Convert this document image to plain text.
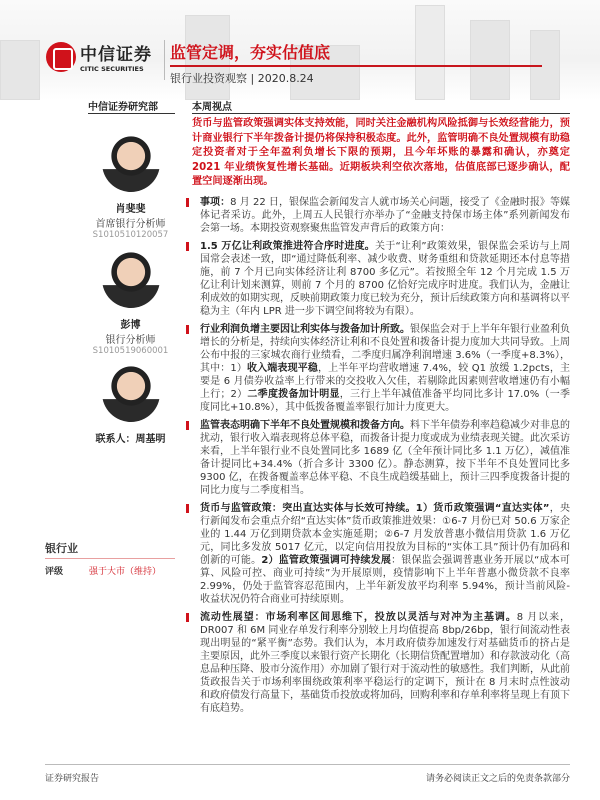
中信证券
CITIC SECURITIES
监管定调，夯实估值底
银行业投资观察 | 2020.8.24
中信证券研究部	本周视点
肖斐斐
首席银行分析师
S1010510120057
彭博
银行分析师
S1010519060001
联系人：周基明
银行业
评级	强于大市（维持）
货币与监管政策强调实体支持效能，同时关注金融机构风险抵御与长效经营能力，预计商业银行下半年拨备计提仍将保持积极态度。此外，监管明确不良处置规模有助稳定投资者对于全年盈利负增长下限的预期，且今年坏账的暴露和确认，亦奠定 2021 年业绩恢复性增长基础。近期板块利空依次落地，估值底部已逐步确认，配置空间逐渐出现。
事项：8 月 22 日，银保监会新闻发言人就市场关心问题，接受了《金融时报》等媒体记者采访。此外，上周五人民银行亦举办了“金融支持保市场主体”系列新闻发布会第一场。本期投资观察聚焦监管发声背后的政策方向：
1.5 万亿让利政策推进符合序时进度。关于“让利”政策效果，银保监会采访与上周国常会表述一致，即“通过降低利率、减少收费、财务重组和贷款延期还本付息等措施，前 7 个月已向实体经济让利 8700 多亿元”。若按照全年 12 个月完成 1.5 万亿让利计划来测算，则前 7 个月的 8700 亿恰好完成序时进度。我们认为，金融让利成效的如期实现，反映前期政策力度已较为充分，预计后续政策方向和基调将以平稳为主（年内 LPR 进一步下调空间将较为有限）。
行业利润负增主要因让利实体与拨备加计所致。银保监会对于上半年年银行业盈利负增长的分析是，持续向实体经济让利和不良处置和拨备计提力度加大共同导致。上周公布中报的三家城农商行业绩看，二季度归属净利润增速 3.6%（一季度+8.3%），其中：1）收入端表现平稳，上半年平均营收增速 7.4%，较 Q1 放缓 1.2pcts，主要是 6 月债券收益率上行带来的交投收入欠佳，若剔除此因素则营收增速仍有小幅上行；2）二季度拨备加计明显，三行上半年减值准备平均同比多计 17.0%（一季度同比+10.8%），其中低拨备覆盖率银行加计力度更大。
监管表态明确下半年不良处置规模和拨备方向。料下半年债券利率趋稳减少对非息的扰动，银行收入端表现将总体平稳，而拨备计提力度或成为业绩表现关键。此次采访来看，上半年银行业不良处置同比多 1689 亿（全年预计同比多 1.1 万亿），减值准备计提同比+34.4%（折合多计 3300 亿）。静态测算，按下半年不良处置同比多 9300 亿，在拨备覆盖率总体平稳、不良生成趋缓基础上，预计三四季度拨备计提的同比力度与二季度相当。
货币与监管政策：突出直达实体与长效可持续。1）货币政策强调“直达实体”，央行新闻发布会重点介绍“直达实体”货币政策推进效果：①6-7 月份已对 50.6 万家企业的 1.44 万亿到期贷款本金实施延期；②6-7 月发放普惠小微信用贷款 1.6 万亿元，同比多发放 5017 亿元，以定向信用投放为目标的“实体工具”预计仍有加码和创新的可能。2）监管政策强调可持续发展：银保监会强调普惠业务开展以“成本可算、风险可控、商业可持续”为开展原则，疫情影响下上半年普惠小微贷款不良率 2.99%，仍处于监管容忍范围内，上半年新发放平均利率 5.94%，预计当前风险-收益状况仍符合商业可持续原则。
流动性展望：市场利率区间思维下，投放以灵活与对冲为主基调。8 月以来，DR007 和 6M 同业存单发行利率分别较上月均值提高 8bp/26bp，银行间流动性表现出明显的“紧平衡”态势。我们认为，本月政府债券加速发行对基础货币的挤占是主要原因，此外三季度以来银行资产长期化（长期信贷配置增加）和存款波动化（高息品种压降、股市分流作用）亦加剧了银行对于流动性的敏感性。我们判断，从此前货政报告关于市场利率围绕政策利率平稳运行的定调下，预计在 8 月末时点性波动和政府债发行高量下，基础货币投放或将加码，回购利率和存单利率将呈现上有顶下有底趋势。
证券研究报告	请务必阅读正文之后的免责条款部分
